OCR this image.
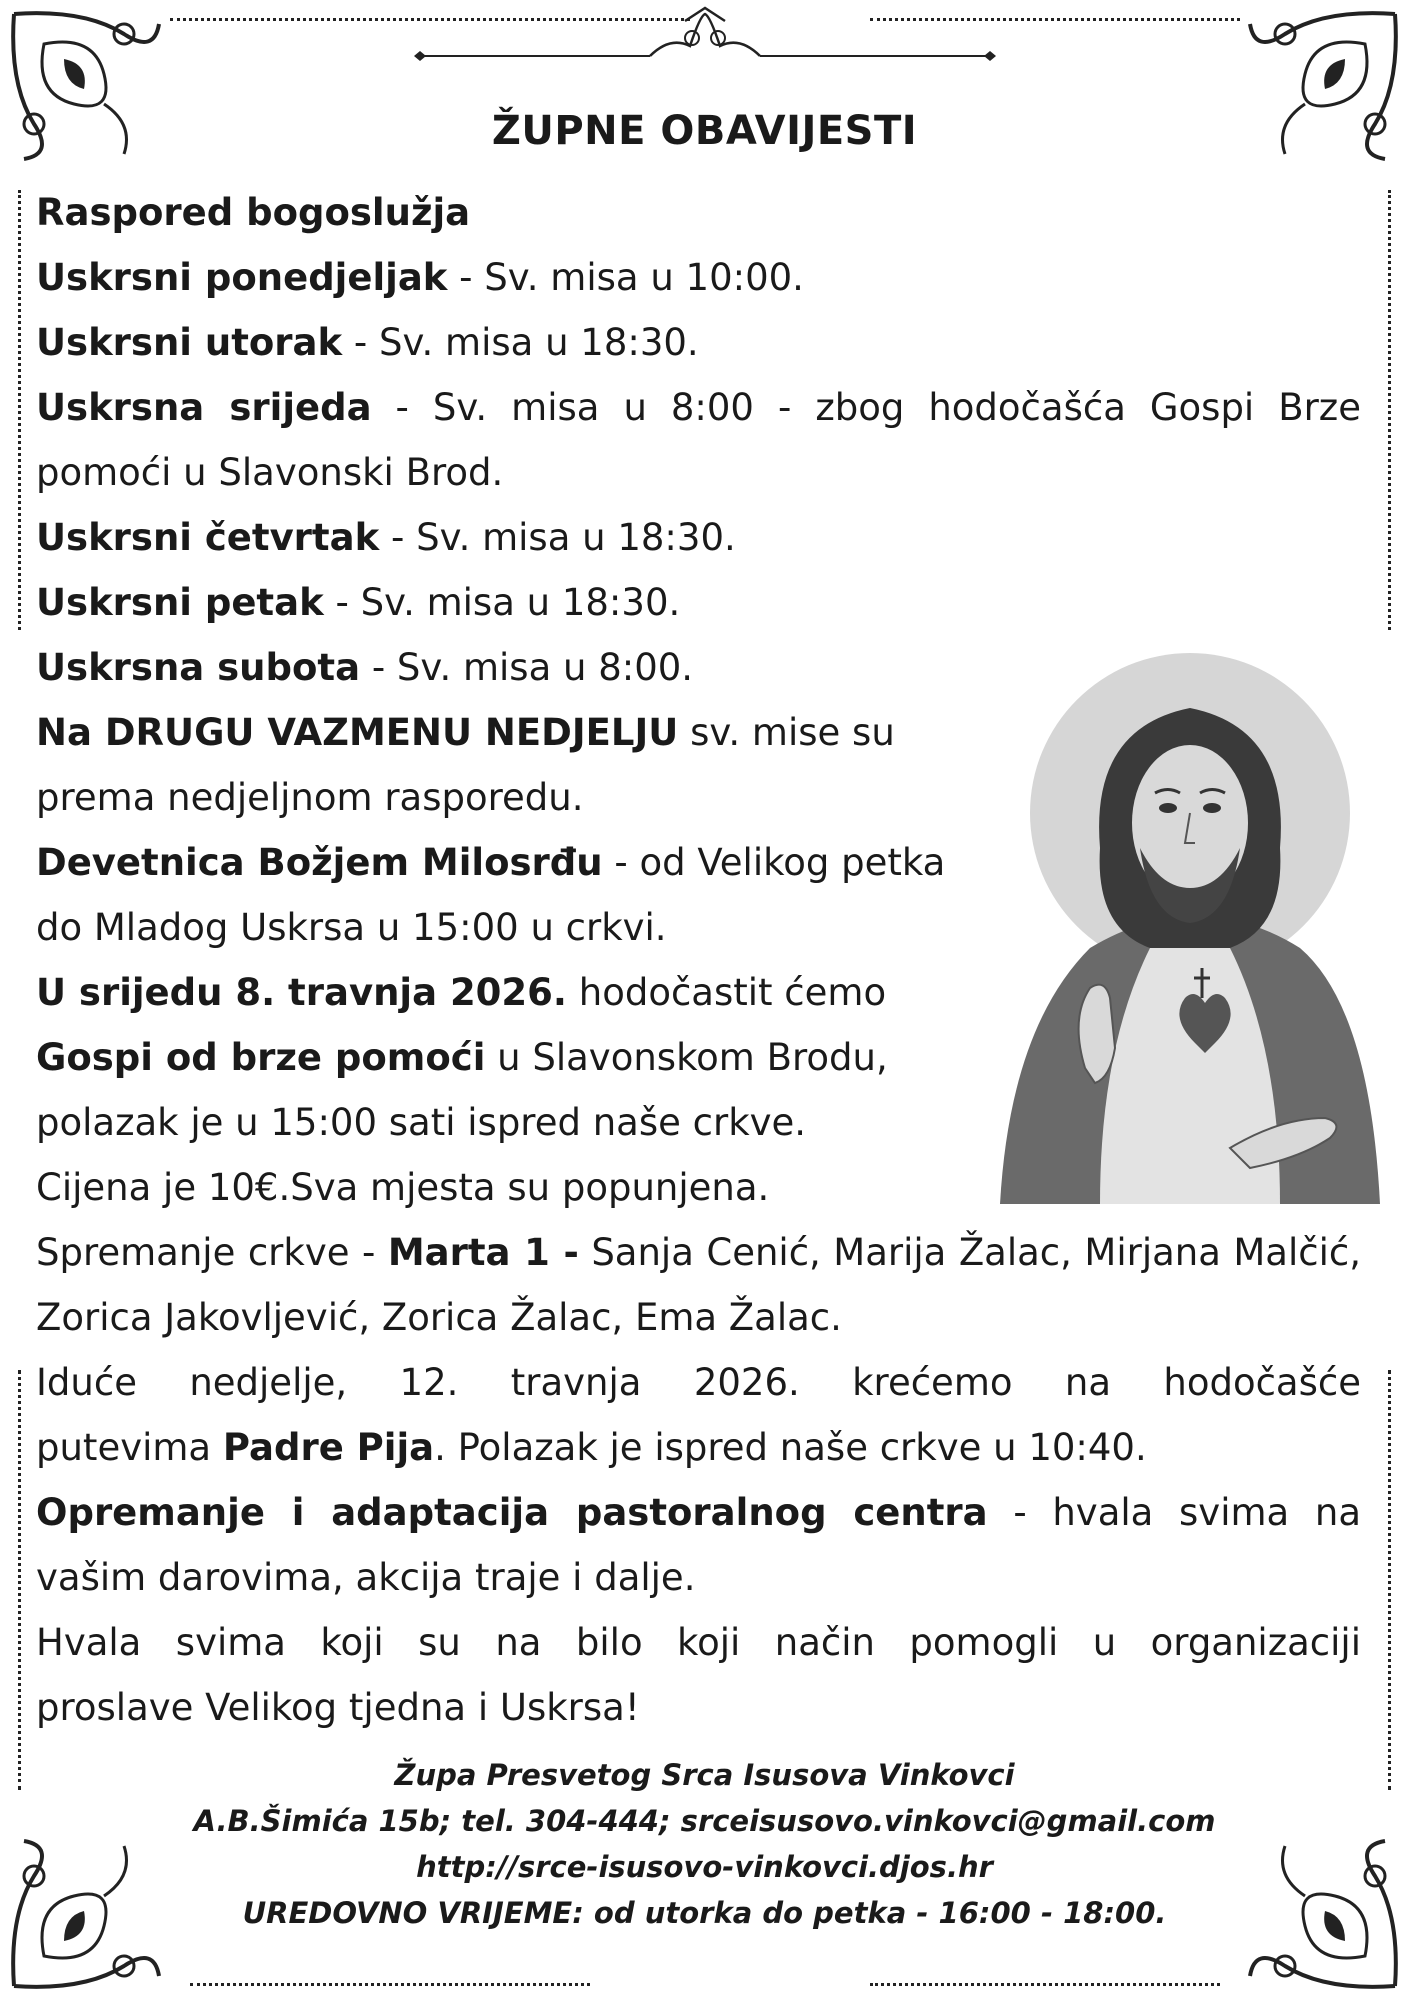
ŽUPNE OBAVIJESTI

Raspored bogoslužja

Uskrsni ponedjeljak - Sv. misa u 10:00.

Uskrsni utorak - Sv. misa u 18:30.

Uskrsna srijeda - Sv. misa u 8:00 - zbog hodočašća Gospi Brze

pomoći u Slavonski Brod.

Uskrsni četvrtak - Sv. misa u 18:30.

Uskrsni petak - Sv. misa u 18:30.

Uskrsna subota - Sv. misa u 8:00.

Na DRUGU VAZMENU NEDJELJU sv. mise su

prema nedjeljnom rasporedu.

Devetnica Božjem Milosrđu - od Velikog petka

do Mladog Uskrsa u 15:00 u crkvi.

U srijedu 8. travnja 2026. hodočastit ćemo

Gospi od brze pomoći u Slavonskom Brodu,

polazak je u 15:00 sati ispred naše crkve.

Cijena je 10€.Sva mjesta su popunjena.

Spremanje crkve - Marta 1 - Sanja Cenić, Marija Žalac, Mirjana Malčić, Zorica Jakovljević, Zorica Žalac, Ema Žalac.

Iduće nedjelje, 12. travnja 2026. krećemo na hodočašće

putevima Padre Pija. Polazak je ispred naše crkve u 10:40.

Opremanje i adaptacija pastoralnog centra - hvala svima na

vašim darovima, akcija traje i dalje.

Hvala svima koji su na bilo koji način pomogli u organizaciji

proslave Velikog tjedna i Uskrsa!

Župa Presvetog Srca Isusova Vinkovci
A.B.Šimića 15b; tel. 304-444; srceisusovo.vinkovci@gmail.com
http://srce-isusovo-vinkovci.djos.hr
UREDOVNO VRIJEME: od utorka do petka - 16:00 - 18:00.
